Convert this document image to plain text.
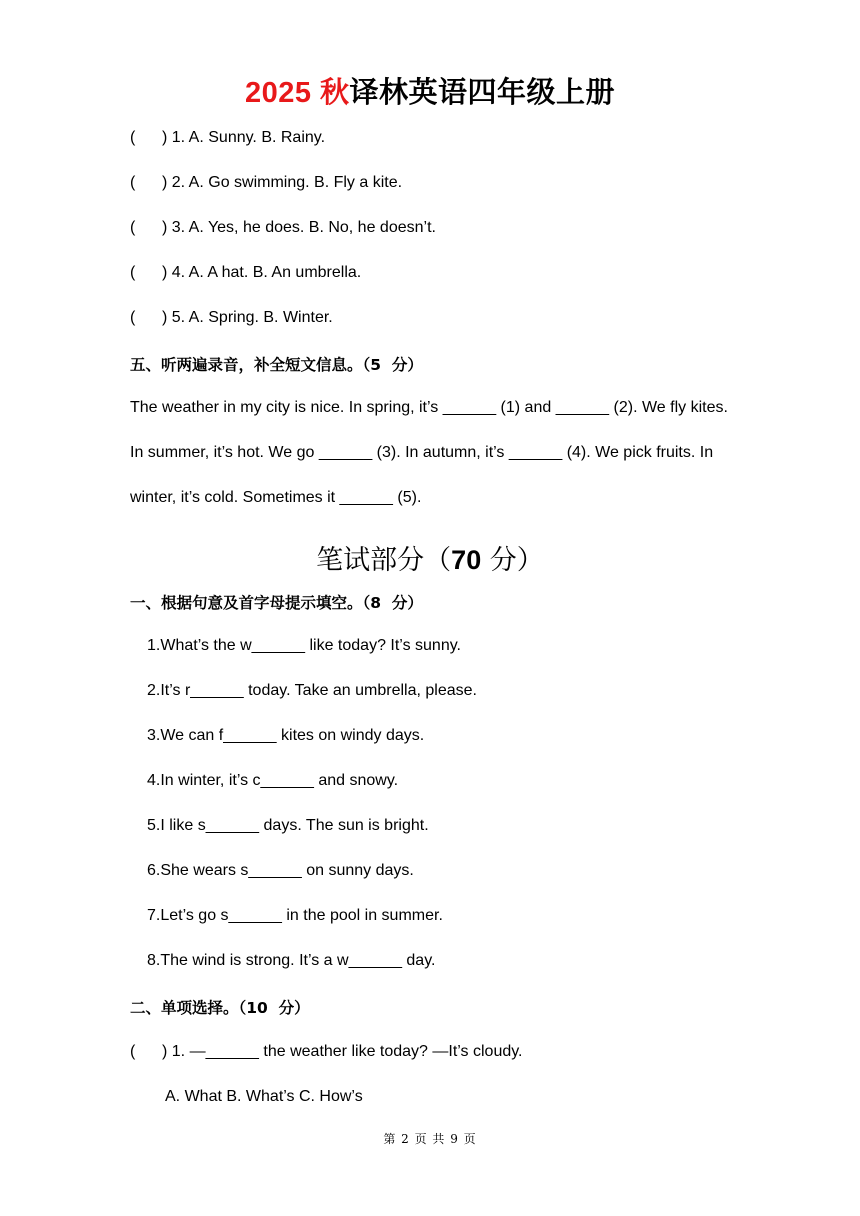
2025 秋译林英语四年级上册
(      ) 1. A. Sunny. B. Rainy.
(      ) 2. A. Go swimming. B. Fly a kite.
(      ) 3. A. Yes, he does. B. No, he doesn’t.
(      ) 4. A. A hat. B. An umbrella.
(      ) 5. A. Spring. B. Winter.
五、听两遍录音，补全短文信息。（5  分）
The weather in my city is nice. In spring, it’s ______ (1) and ______ (2). We fly kites.
In summer, it’s hot. We go ______ (3). In autumn, it’s ______ (4). We pick fruits. In
winter, it’s cold. Sometimes it ______ (5).
笔试部分（70 分）
一、根据句意及首字母提示填空。（8  分）
1.What’s the w______ like today? It’s sunny.
2.It’s r______ today. Take an umbrella, please.
3.We can f______ kites on windy days.
4.In winter, it’s c______ and snowy.
5.I like s______ days. The sun is bright.
6.She wears s______ on sunny days.
7.Let’s go s______ in the pool in summer.
8.The wind is strong. It’s a w______ day.
二、单项选择。（10  分）
(      ) 1. —______ the weather like today? —It’s cloudy.
A. What B. What’s C. How’s
第 2 页 共 9 页
